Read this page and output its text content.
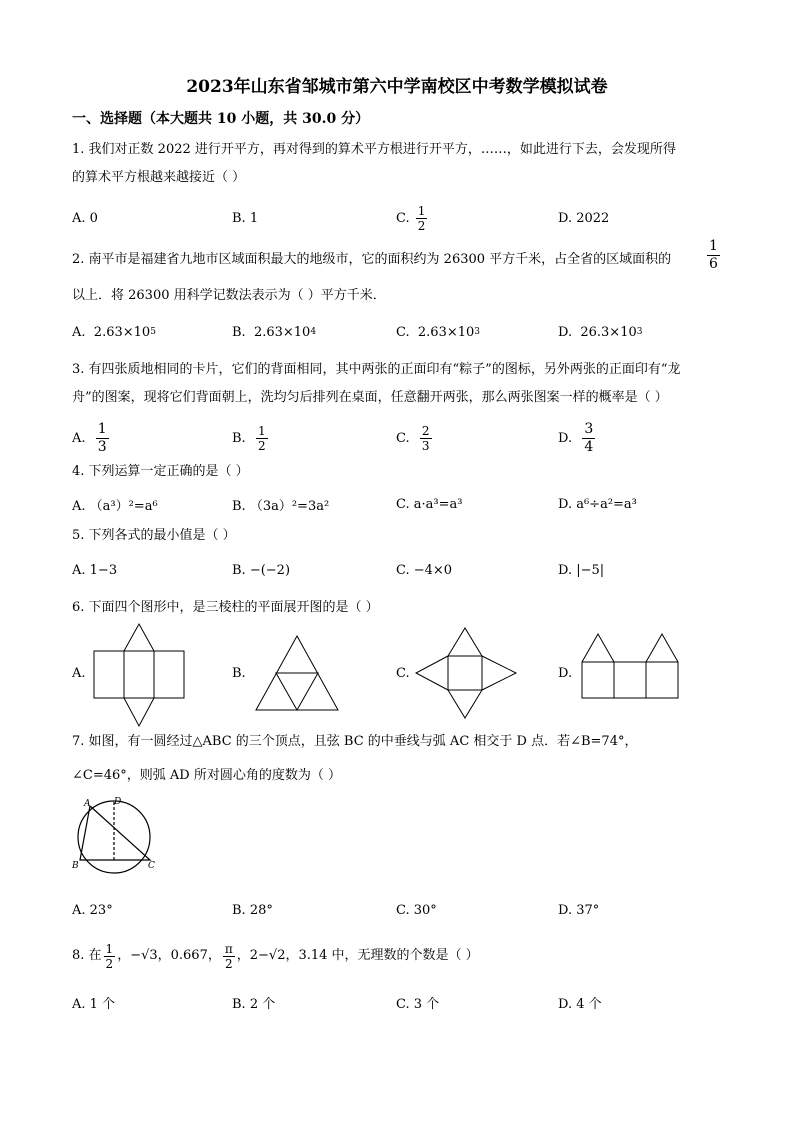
2023年山东省邹城市第六中学南校区中考数学模拟试卷
一、选择题（本大题共 10 小题，共 30.0 分）
1. 我们对正数 2022 进行开平方，再对得到的算术平方根进行开平方，……，如此进行下去，会发现所得
的算术平方根越来越接近（ ）
A. 0	B. 1	C.
$\frac{1}{2}$	D. 2022
2. 南平市是福建省九地市区域面积最大的地级市，它的面积约为 26300 平方千米，占全省的区域面积的
以上．将 26300 用科学记数法表示为（ ）平方千米．
$\frac{1}{6}$
A.
2.63×10 5	B.
2.63×10 4	C.
2.63×10 3	D.
26.3×10 3
3. 有四张质地相同的卡片，它们的背面相同，其中两张的正面印有“粽子”的图标，另外两张的正面印有“龙
舟”的图案，现将它们背面朝上，洗均匀后排列在桌面，任意翻开两张，那么两张图案一样的概率是（ ）
A.
$\frac{1}{3}$	B.
$\frac{1}{2}$	C.
$\frac{2}{3}$	D.
$\frac{3}{4}$
4. 下列运算一定正确的是（ ）
A. （a³）²=a⁶	B. （3a）²=3a²	C. a·a³=a³	D. a⁶÷a²=a³
5. 下列各式的最小值是（ ）
A. 1−3	B. −(−2)	C. −4×0	D. |−5|
6. 下面四个图形中，是三棱柱的平面展开图的是（ ）
A.	B.	C.	D.
7. 如图，有一圆经过△ABC 的三个顶点，且弦 BC 的中垂线与弧 AC 相交于 D 点．若∠B=74°，
∠C=46°，则弧 AD 所对圆心角的度数为（ ）
A	D
B	C
A. 23°	B. 28°	C. 30°	D. 37°
8. 在 $\frac{1}{2}$ ，−√3，0.667， $\frac{\pi}{2}$ ，2−√2，3.14 中，无理数的个数是（ ）
A. 1 个	B. 2 个	C. 3 个	D. 4 个
